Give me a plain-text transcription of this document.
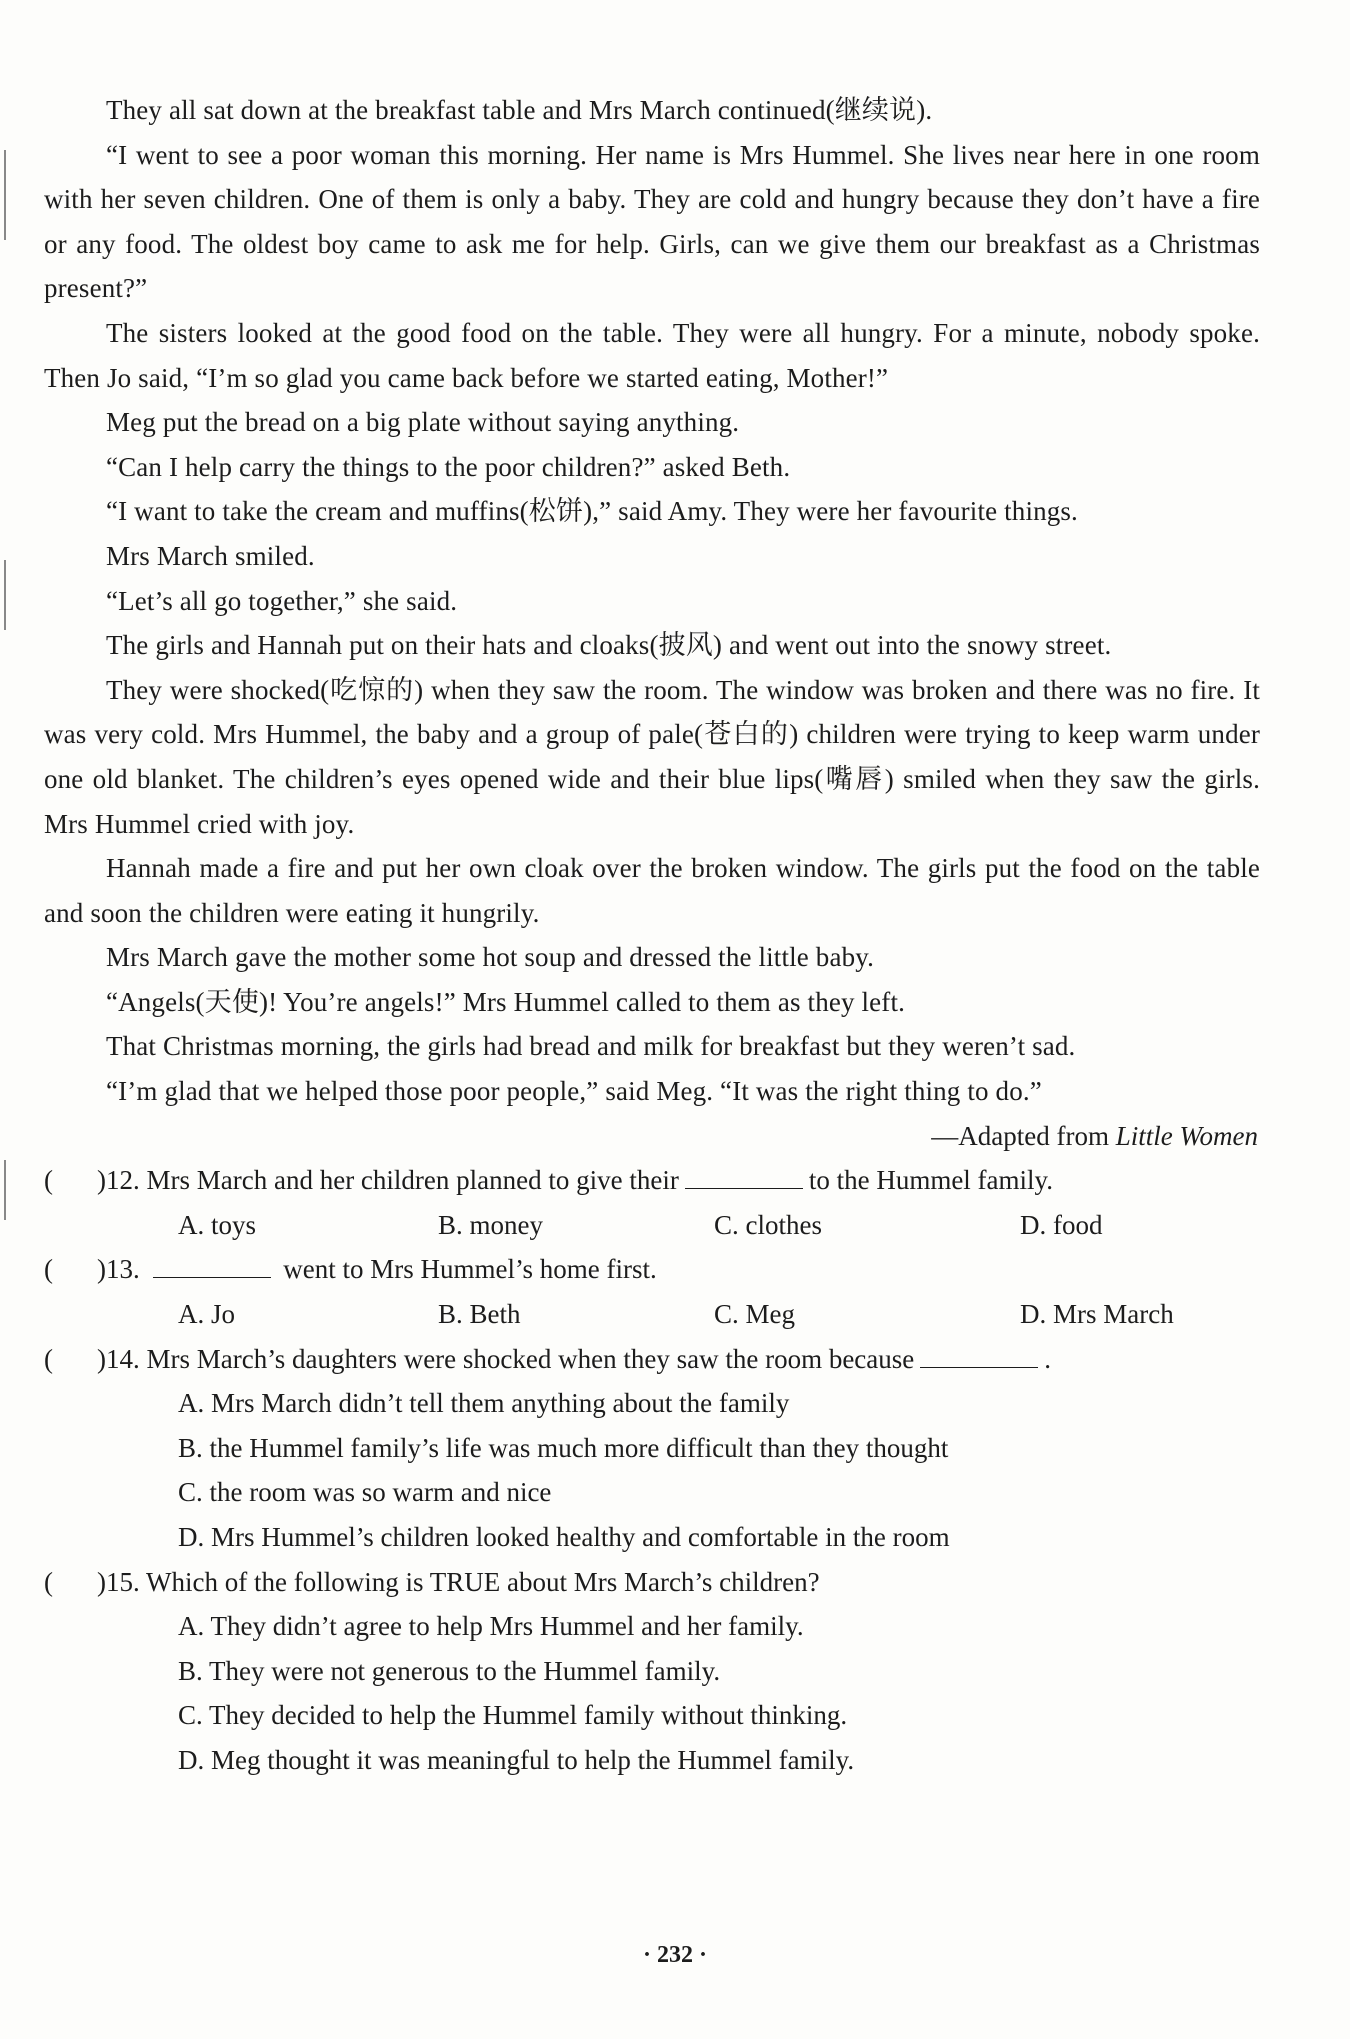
They all sat down at the breakfast table and Mrs March continued(继续说).

“I went to see a poor woman this morning. Her name is Mrs Hummel. She lives near here in one room with her seven children. One of them is only a baby. They are cold and hungry because they don’t have a fire or any food. The oldest boy came to ask me for help. Girls, can we give them our breakfast as a Christmas present?”

The sisters looked at the good food on the table. They were all hungry. For a minute, nobody spoke. Then Jo said, “I’m so glad you came back before we started eating, Mother!”

Meg put the bread on a big plate without saying anything.

“Can I help carry the things to the poor children?” asked Beth.

“I want to take the cream and muffins(松饼),” said Amy. They were her favourite things.

Mrs March smiled.

“Let’s all go together,” she said.

The girls and Hannah put on their hats and cloaks(披风) and went out into the snowy street.

They were shocked(吃惊的) when they saw the room. The window was broken and there was no fire. It was very cold. Mrs Hummel, the baby and a group of pale(苍白的) children were trying to keep warm under one old blanket. The children’s eyes opened wide and their blue lips(嘴唇) smiled when they saw the girls. Mrs Hummel cried with joy.

Hannah made a fire and put her own cloak over the broken window. The girls put the food on the table and soon the children were eating it hungrily.

Mrs March gave the mother some hot soup and dressed the little baby.

“Angels(天使)! You’re angels!” Mrs Hummel called to them as they left.

That Christmas morning, the girls had bread and milk for breakfast but they weren’t sad.

“I’m glad that we helped those poor people,” said Meg. “It was the right thing to do.”

—Adapted from Little Women

( ) 12. Mrs March and her children planned to give their	to the Hummel family.
A. toys	B. money	C. clothes	D. food
( ) 13.	went to Mrs Hummel’s home first.
A. Jo	B. Beth	C. Meg	D. Mrs March
( ) 14. Mrs March’s daughters were shocked when they saw the room because	.
A. Mrs March didn’t tell them anything about the family
B. the Hummel family’s life was much more difficult than they thought
C. the room was so warm and nice
D. Mrs Hummel’s children looked healthy and comfortable in the room
( ) 15. Which of the following is TRUE about Mrs March’s children?
A. They didn’t agree to help Mrs Hummel and her family.
B. They were not generous to the Hummel family.
C. They decided to help the Hummel family without thinking.
D. Meg thought it was meaningful to help the Hummel family.
· 232 ·
